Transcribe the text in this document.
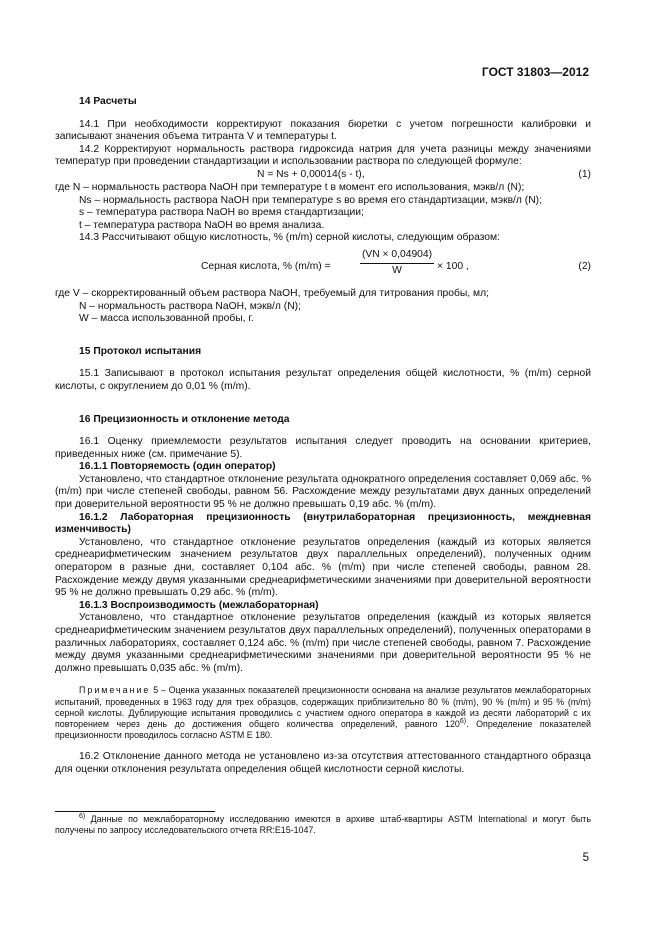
ГОСТ 31803—2012

14 Расчеты

14.1 При необходимости корректируют показания бюретки с учетом погрешности калибровки и записывают значения объема титранта V и температуры t.

14.2 Корректируют нормальность раствора гидроксида натрия для учета разницы между значениями температур при проведении стандартизации и использовании раствора по следующей формуле:

N = Ns + 0,00014(s - t),	(1)

где N – нормальность раствора NaOH при температуре t в момент его использования, мэкв/л (N);

Ns – нормальность раствора NaOH при температуре s во время его стандартизации, мэкв/л (N);

s – температура раствора NaOH во время стандартизации;

t – температура раствора NaOH во время анализа.

14.3 Рассчитывают общую кислотность, % (m/m) серной кислоты, следующим образом:

Серная кислота, % (m/m) =	$\frac{(VN \times 0,04904)}{W} \times 100$ ,	(2)

где V – скорректированный объем раствора NaOH, требуемый для титрования пробы, мл;

N – нормальность раствора NaOH, мэкв/л (N);

W – масса использованной пробы, г.

15 Протокол испытания

15.1 Записывают в протокол испытания результат определения общей кислотности, % (m/m) серной кислоты, с округлением до 0,01 % (m/m).

16 Прецизионность и отклонение метода

16.1 Оценку приемлемости результатов испытания следует проводить на основании критериев, приведенных ниже (см. примечание 5).

16.1.1 Повторяемость (один оператор)

Установлено, что стандартное отклонение результата однократного определения составляет 0,069 абс. % (m/m) при числе степеней свободы, равном 56. Расхождение между результатами двух данных определений при доверительной вероятности 95 % не должно превышать 0,19 абс. % (m/m).

16.1.2 Лабораторная прецизионность (внутрилабораторная прецизионность, междневная изменчивость)

Установлено, что стандартное отклонение результатов определения (каждый из которых является среднеарифметическим значением результатов двух параллельных определений), полученных одним оператором в разные дни, составляет 0,104 абс. % (m/m) при числе степеней свободы, равном 28. Расхождение между двумя указанными среднеарифметическими значениями при доверительной вероятности 95 % не должно превышать 0,29 абс. % (m/m).

16.1.3 Воспроизводимость (межлабораторная)

Установлено, что стандартное отклонение результатов определения (каждый из которых является среднеарифметическим значением результатов двух параллельных определений), полученных операторами в различных лабораториях, составляет 0,124 абс. % (m/m) при числе степеней свободы, равном 7. Расхождение между двумя указанными среднеарифметическими значениями при доверительной вероятности 95 % не должно превышать 0,035 абс. % (m/m).

Примечание 5 – Оценка указанных показателей прецизионности основана на анализе результатов межлабораторных испытаний, проведенных в 1963 году для трех образцов, содержащих приблизительно 80 % (m/m), 90 % (m/m) и 95 % (m/m) серной кислоты. Дублирующие испытания проводились с участием одного оператора в каждой из десяти лабораторий с их повторением через день до достижения общего количества определений, равного 120$^{6)}$. Определение показателей прецизионности проводилось согласно ASTM E 180.

16.2 Отклонение данного метода не установлено из-за отсутствия аттестованного стандартного образца для оценки отклонения результата определения общей кислотности серной кислоты.

$^{6)}$ Данные по межлабораторному исследованию имеются в архиве штаб-квартиры ASTM International и могут быть получены по запросу исследовательского отчета RR:E15-1047.

5
